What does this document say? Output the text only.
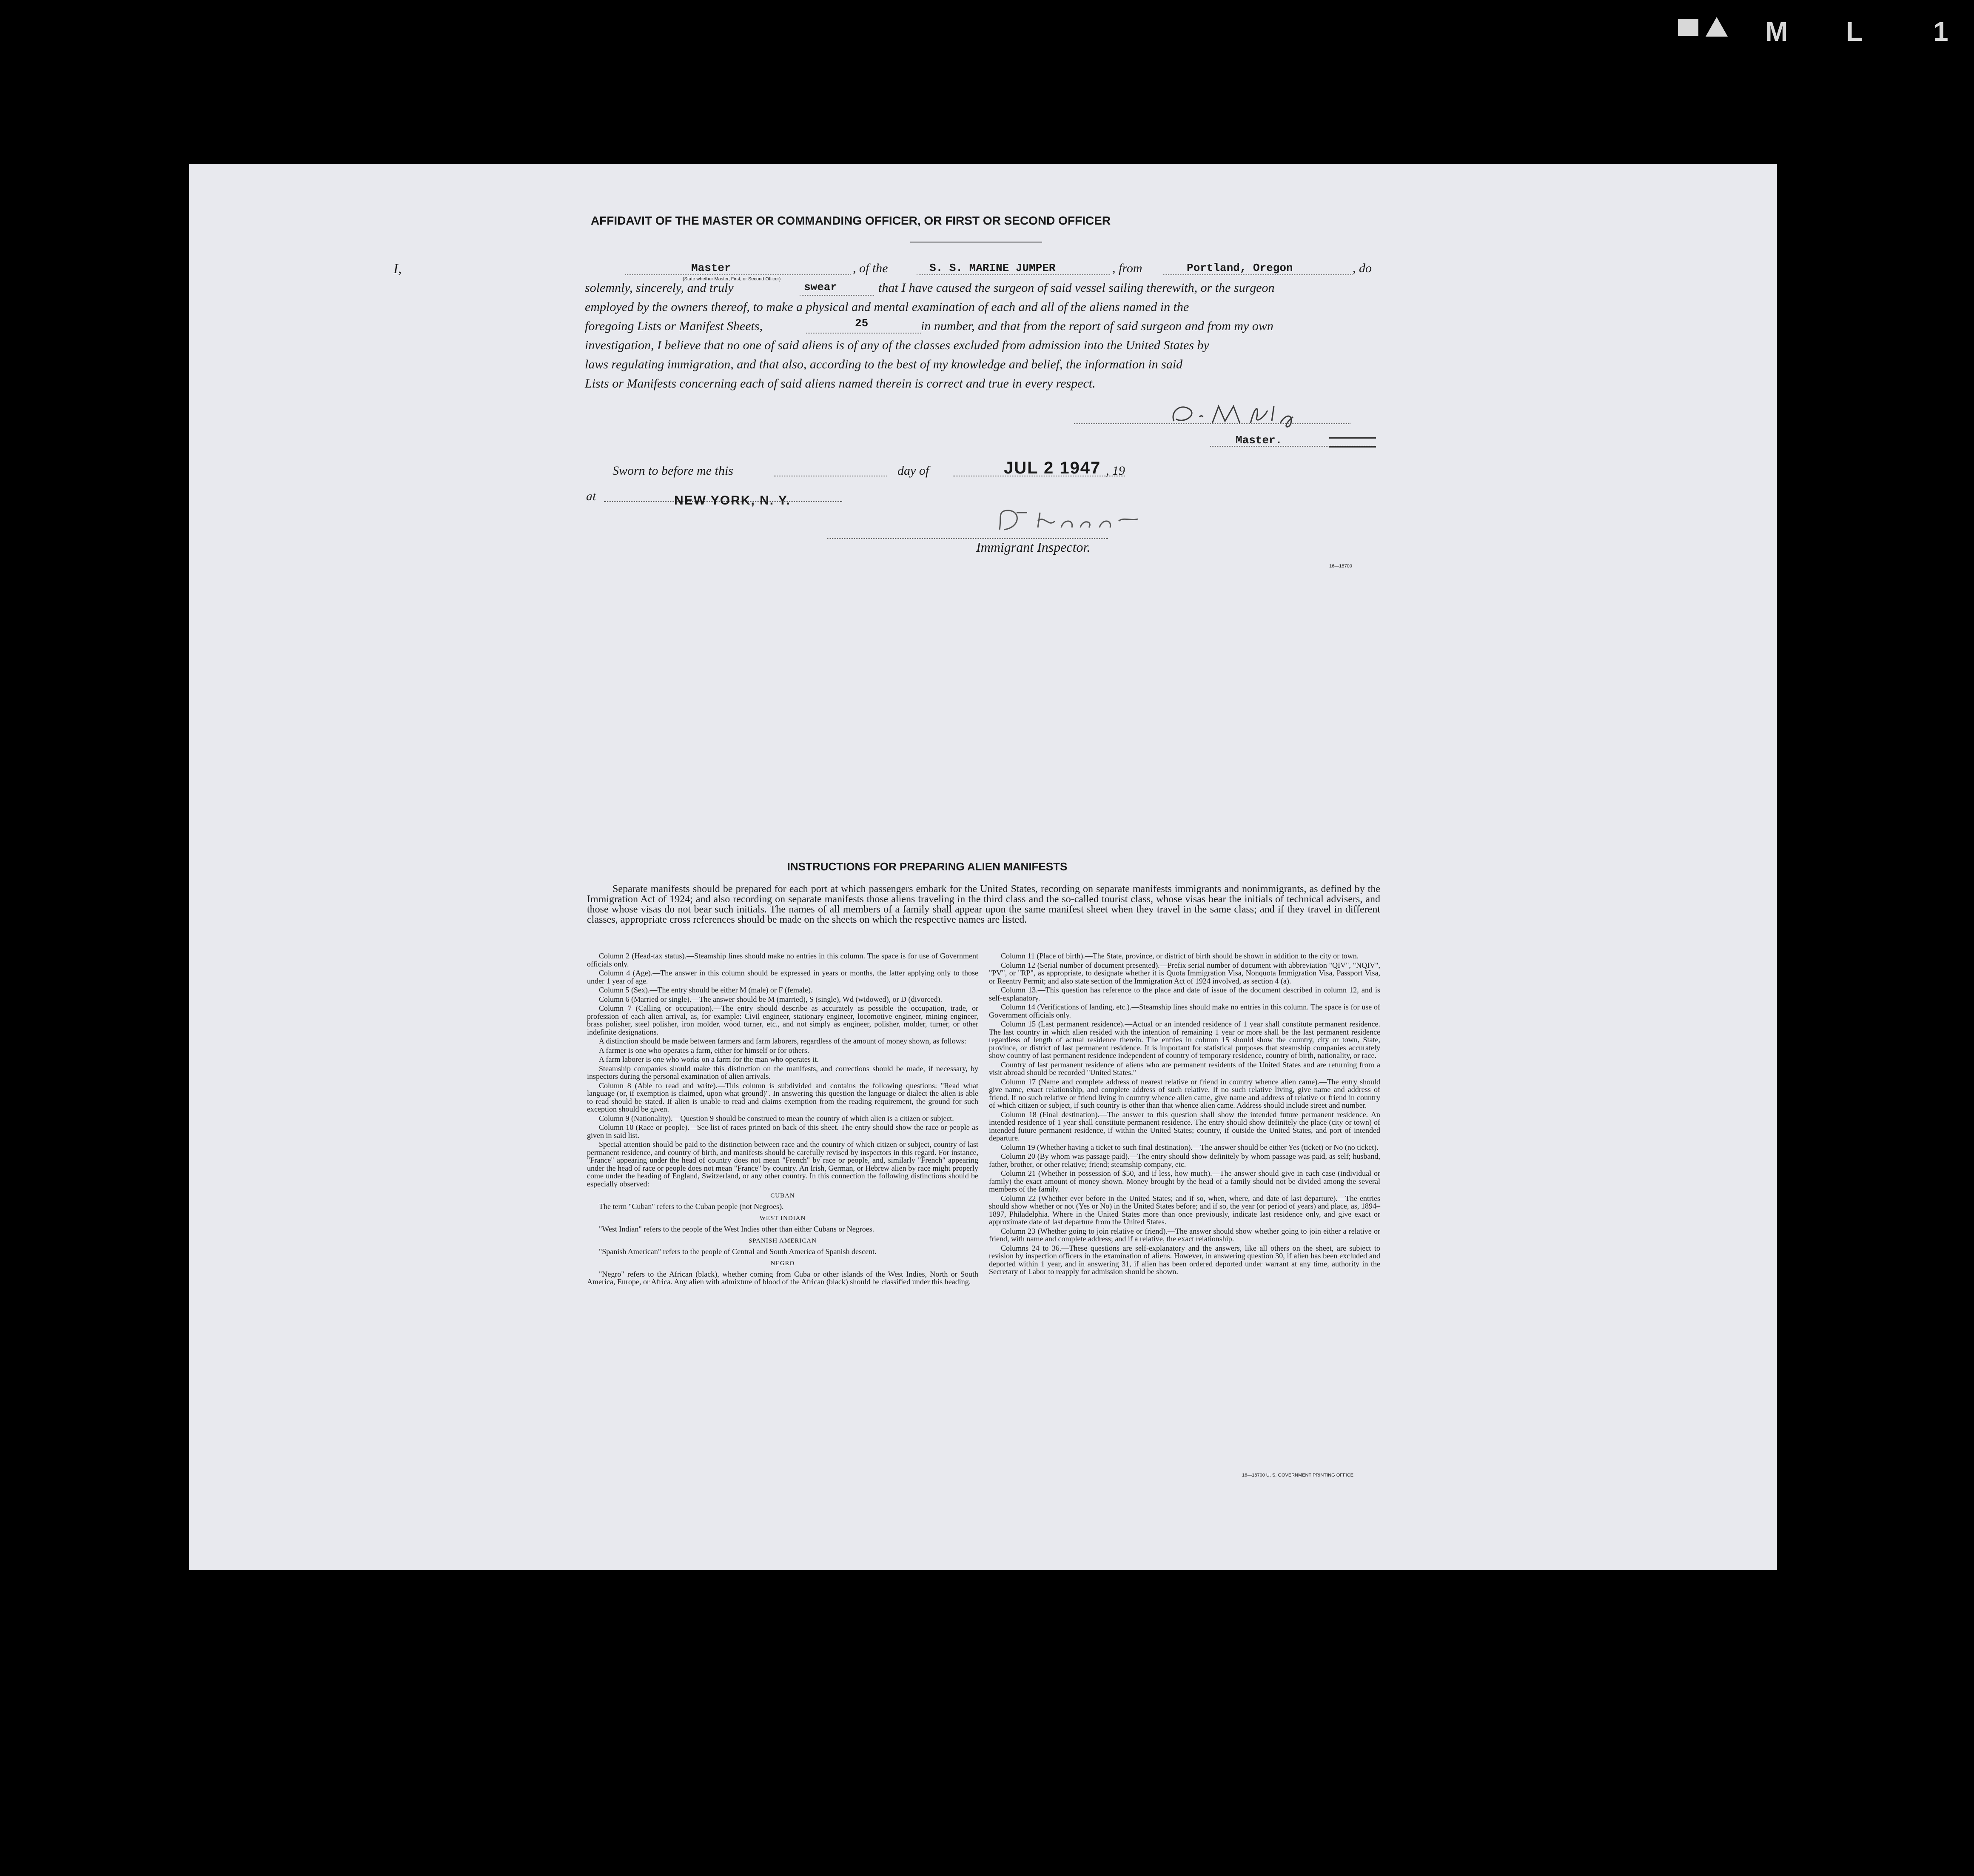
M L	1
AFFIDAVIT OF THE MASTER OR COMMANDING OFFICER, OR FIRST OR SECOND OFFICER
I,	Master
(State whether Master, First, or Second Officer)
, of the	S. S. MARINE JUMPER	, from	Portland, Oregon	, do
solemnly, sincerely, and truly	swear	that I have caused the surgeon of said vessel sailing therewith, or the surgeon
employed by the owners thereof, to make a physical and mental examination of each and all of the aliens named in the
foregoing Lists or Manifest Sheets,	25	in number, and that from the report of said surgeon and from my own
investigation, I believe that no one of said aliens is of any of the classes excluded from admission into the United States by
laws regulating immigration, and that also, according to the best of my knowledge and belief, the information in said
Lists or Manifests concerning each of said aliens named therein is correct and true in every respect.
Master.
Sworn to before me this	day of	JUL 2 1947 , 19
at	NEW YORK, N. Y.
Immigrant Inspector.
16—18700
INSTRUCTIONS FOR PREPARING ALIEN MANIFESTS
Separate manifests should be prepared for each port at which passengers embark for the United States, recording on separate manifests immigrants and nonimmigrants, as defined by the Immigration Act of 1924; and also recording on separate manifests those aliens traveling in the third class and the so-called tourist class, whose visas bear the initials of technical advisers, and those whose visas do not bear such initials. The names of all members of a family shall appear upon the same manifest sheet when they travel in the same class; and if they travel in different classes, appropriate cross references should be made on the sheets on which the respective names are listed.

Column 2 (Head-tax status).—Steamship lines should make no entries in this column. The space is for use of Government officials only.

Column 4 (Age).—The answer in this column should be expressed in years or months, the latter applying only to those under 1 year of age.

Column 5 (Sex).—The entry should be either M (male) or F (female).

Column 6 (Married or single).—The answer should be M (married), S (single), Wd (widowed), or D (divorced).

Column 7 (Calling or occupation).—The entry should describe as accurately as possible the occupation, trade, or profession of each alien arrival, as, for example: Civil engineer, stationary engineer, locomotive engineer, mining engineer, brass polisher, steel polisher, iron molder, wood turner, etc., and not simply as engineer, polisher, molder, turner, or other indefinite designations.

A distinction should be made between farmers and farm laborers, regardless of the amount of money shown, as follows:

A farmer is one who operates a farm, either for himself or for others.

A farm laborer is one who works on a farm for the man who operates it.

Steamship companies should make this distinction on the manifests, and corrections should be made, if necessary, by inspectors during the personal examination of alien arrivals.

Column 8 (Able to read and write).—This column is subdivided and contains the following questions: "Read what language (or, if exemption is claimed, upon what ground)". In answering this question the language or dialect the alien is able to read should be stated. If alien is unable to read and claims exemption from the reading requirement, the ground for such exception should be given.

Column 9 (Nationality).—Question 9 should be construed to mean the country of which alien is a citizen or subject.

Column 10 (Race or people).—See list of races printed on back of this sheet. The entry should show the race or people as given in said list.

Special attention should be paid to the distinction between race and the country of which citizen or subject, country of last permanent residence, and country of birth, and manifests should be carefully revised by inspectors in this regard. For instance, "France" appearing under the head of country does not mean "French" by race or people, and, similarly "French" appearing under the head of race or people does not mean "France" by country. An Irish, German, or Hebrew alien by race might properly come under the heading of England, Switzerland, or any other country. In this connection the following distinctions should be especially observed:

CUBAN

The term "Cuban" refers to the Cuban people (not Negroes).

WEST INDIAN

"West Indian" refers to the people of the West Indies other than either Cubans or Negroes.

SPANISH AMERICAN

"Spanish American" refers to the people of Central and South America of Spanish descent.

NEGRO

"Negro" refers to the African (black), whether coming from Cuba or other islands of the West Indies, North or South America, Europe, or Africa. Any alien with admixture of blood of the African (black) should be classified under this heading.

Column 11 (Place of birth).—The State, province, or district of birth should be shown in addition to the city or town.

Column 12 (Serial number of document presented).—Prefix serial number of document with abbreviation "QIV", "NQIV", "PV", or "RP", as appropriate, to designate whether it is Quota Immigration Visa, Nonquota Immigration Visa, Passport Visa, or Reentry Permit; and also state section of the Immigration Act of 1924 involved, as section 4 (a).

Column 13.—This question has reference to the place and date of issue of the document described in column 12, and is self-explanatory.

Column 14 (Verifications of landing, etc.).—Steamship lines should make no entries in this column. The space is for use of Government officials only.

Column 15 (Last permanent residence).—Actual or an intended residence of 1 year shall constitute permanent residence. The last country in which alien resided with the intention of remaining 1 year or more shall be the last permanent residence regardless of length of actual residence therein. The entries in column 15 should show the country, city or town, State, province, or district of last permanent residence. It is important for statistical purposes that steamship companies accurately show country of last permanent residence independent of country of temporary residence, country of birth, nationality, or race.

Country of last permanent residence of aliens who are permanent residents of the United States and are returning from a visit abroad should be recorded "United States."

Column 17 (Name and complete address of nearest relative or friend in country whence alien came).—The entry should give name, exact relationship, and complete address of such relative. If no such relative living, give name and address of friend. If no such relative or friend living in country whence alien came, give name and address of relative or friend in country of which citizen or subject, if such country is other than that whence alien came. Address should include street and number.

Column 18 (Final destination).—The answer to this question shall show the intended future permanent residence. An intended residence of 1 year shall constitute permanent residence. The entry should show definitely the place (city or town) of intended future permanent residence, if within the United States; country, if outside the United States, and port of intended departure.

Column 19 (Whether having a ticket to such final destination).—The answer should be either Yes (ticket) or No (no ticket).

Column 20 (By whom was passage paid).—The entry should show definitely by whom passage was paid, as self; husband, father, brother, or other relative; friend; steamship company, etc.

Column 21 (Whether in possession of $50, and if less, how much).—The answer should give in each case (individual or family) the exact amount of money shown. Money brought by the head of a family should not be divided among the several members of the family.

Column 22 (Whether ever before in the United States; and if so, when, where, and date of last departure).—The entries should show whether or not (Yes or No) in the United States before; and if so, the year (or period of years) and place, as, 1894–1897, Philadelphia. Where in the United States more than once previously, indicate last residence only, and give exact or approximate date of last departure from the United States.

Column 23 (Whether going to join relative or friend).—The answer should show whether going to join either a relative or friend, with name and complete address; and if a relative, the exact relationship.

Columns 24 to 36.—These questions are self-explanatory and the answers, like all others on the sheet, are subject to revision by inspection officers in the examination of aliens. However, in answering question 30, if alien has been excluded and deported within 1 year, and in answering 31, if alien has been ordered deported under warrant at any time, authority in the Secretary of Labor to reapply for admission should be shown.

16—18700 U. S. GOVERNMENT PRINTING OFFICE
